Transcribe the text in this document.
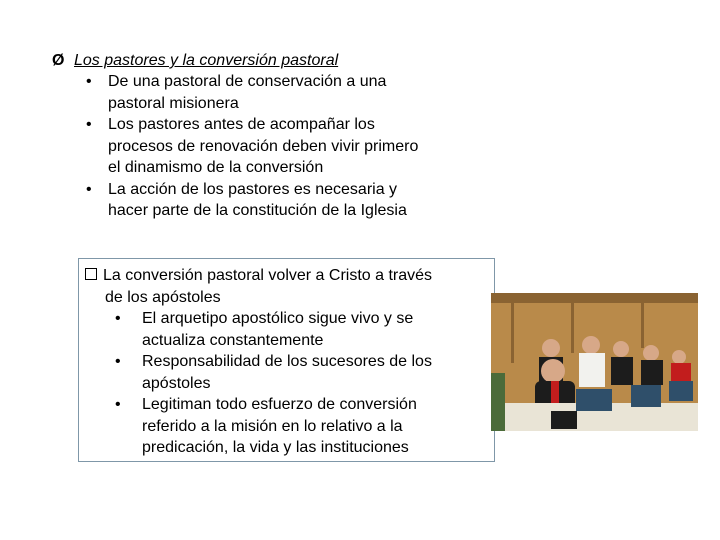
Ø Los pastores y la conversión pastoral
•	De una pastoral de conservación a una
pastoral misionera
•	Los pastores antes de acompañar los
procesos de renovación deben vivir primero
el dinamismo de la conversión
•	La acción de los pastores es necesaria y
hacer parte de la constitución de la Iglesia
La conversión pastoral volver a Cristo a través
de los apóstoles
•	El arquetipo apostólico sigue vivo y se
actualiza constantemente
•	Responsabilidad de los sucesores de los
apóstoles
•	Legitiman todo esfuerzo de conversión
referido a la misión en lo relativo a la
predicación, la vida y las instituciones
